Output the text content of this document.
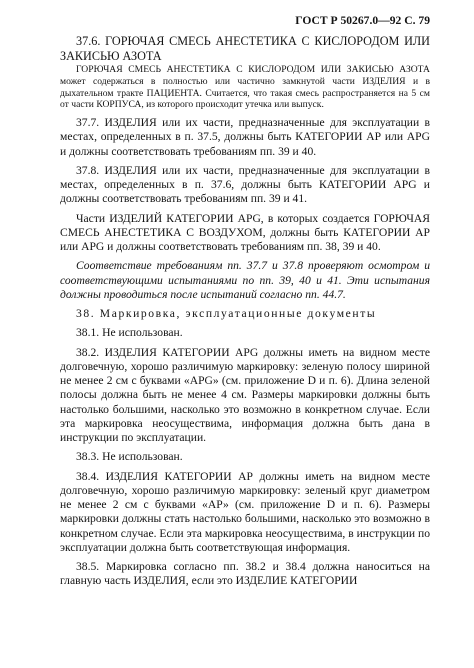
ГОСТ Р 50267.0—92 С. 79

37.6. ГОРЮЧАЯ СМЕСЬ АНЕСТЕТИКА С КИСЛОРОДОМ ИЛИ ЗАКИСЬЮ АЗОТА

ГОРЮЧАЯ СМЕСЬ АНЕСТЕТИКА С КИСЛОРОДОМ ИЛИ ЗАКИСЬЮ АЗОТА может содержаться в полностью или частично замкнутой части ИЗДЕЛИЯ и в дыхательном тракте ПАЦИЕНТА. Считается, что такая смесь распространяется на 5 см от части КОРПУСА, из которого происходит утечка или выпуск.

37.7. ИЗДЕЛИЯ или их части, предназначенные для эксплуатации в местах, определенных в п. 37.5, должны быть КАТЕГОРИИ АР или APG и должны соответствовать требованиям пп. 39 и 40.

37.8. ИЗДЕЛИЯ или их части, предназначенные для эксплуатации в местах, определенных в п. 37.6, должны быть КАТЕГОРИИ APG и должны соответствовать требованиям пп. 39 и 41.

Части ИЗДЕЛИЙ КАТЕГОРИИ APG, в которых создается ГОРЮЧАЯ СМЕСЬ АНЕСТЕТИКА С ВОЗДУХОМ, должны быть КАТЕГОРИИ АР или APG и должны соответствовать требованиям пп. 38, 39 и 40.

Соответствие требованиям пп. 37.7 и 37.8 проверяют осмотром и соответствующими испытаниями по пп. 39, 40 и 41. Эти испытания должны проводиться после испытаний согласно пп. 44.7.

38. Маркировка, эксплуатационные документы

38.1. Не использован.

38.2. ИЗДЕЛИЯ КАТЕГОРИИ APG должны иметь на видном месте долговечную, хорошо различимую маркировку: зеленую полосу шириной не менее 2 см с буквами «APG» (см. приложение D и п. 6). Длина зеленой полосы должна быть не менее 4 см. Размеры маркировки должны быть настолько большими, насколько это возможно в конкретном случае. Если эта маркировка неосуществима, информация должна быть дана в инструкции по эксплуатации.

38.3. Не использован.

38.4. ИЗДЕЛИЯ КАТЕГОРИИ АР должны иметь на видном месте долговечную, хорошо различимую маркировку: зеленый круг диаметром не менее 2 см с буквами «АР» (см. приложение D и п. 6). Размеры маркировки должны стать настолько большими, насколько это возможно в конкретном случае. Если эта маркировка неосуществима, в инструкции по эксплуатации должна быть соответствующая информация.

38.5. Маркировка согласно пп. 38.2 и 38.4 должна наноситься на главную часть ИЗДЕЛИЯ, если это ИЗДЕЛИЕ КАТЕГОРИИ
